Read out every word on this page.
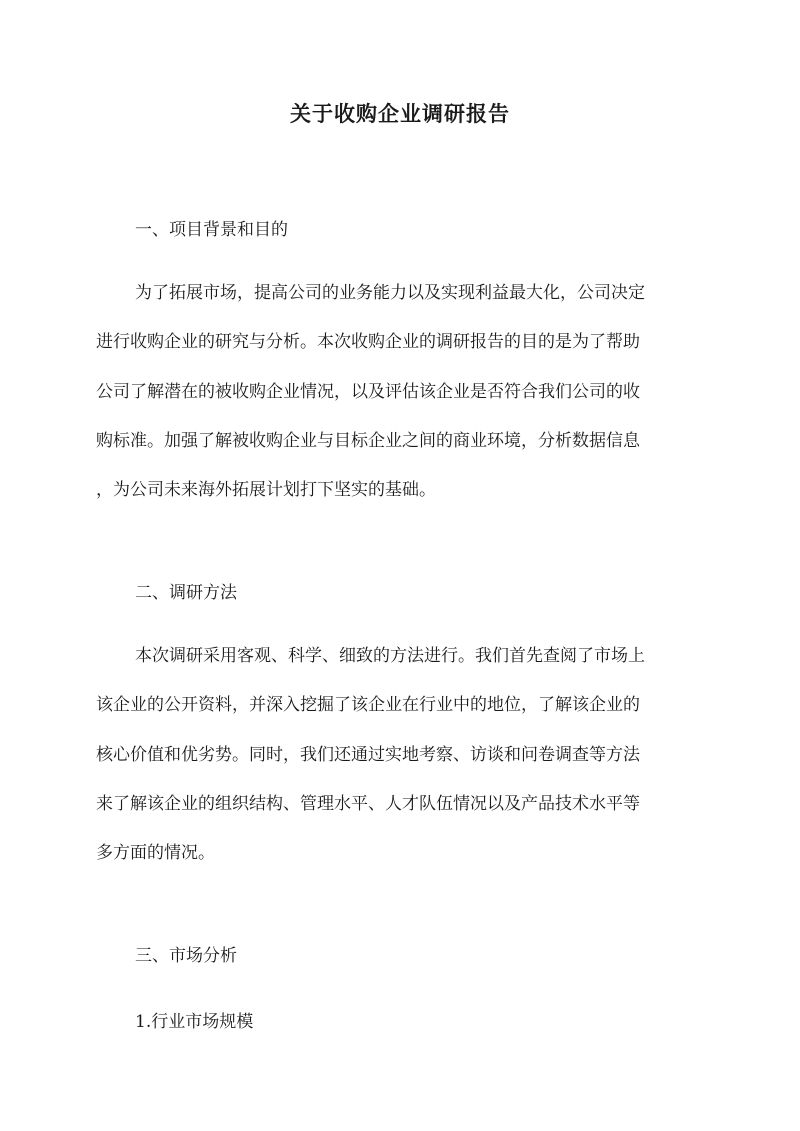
关于收购企业调研报告
一、项目背景和目的
为了拓展市场，提高公司的业务能力以及实现利益最大化，公司决定
进行收购企业的研究与分析。本次收购企业的调研报告的目的是为了帮助
公司了解潜在的被收购企业情况，以及评估该企业是否符合我们公司的收
购标准。加强了解被收购企业与目标企业之间的商业环境，分析数据信息
，为公司未来海外拓展计划打下坚实的基础。
二、调研方法
本次调研采用客观、科学、细致的方法进行。我们首先查阅了市场上
该企业的公开资料，并深入挖掘了该企业在行业中的地位，了解该企业的
核心价值和优劣势。同时，我们还通过实地考察、访谈和问卷调查等方法
来了解该企业的组织结构、管理水平、人才队伍情况以及产品技术水平等
多方面的情况。
三、市场分析
1.行业市场规模
